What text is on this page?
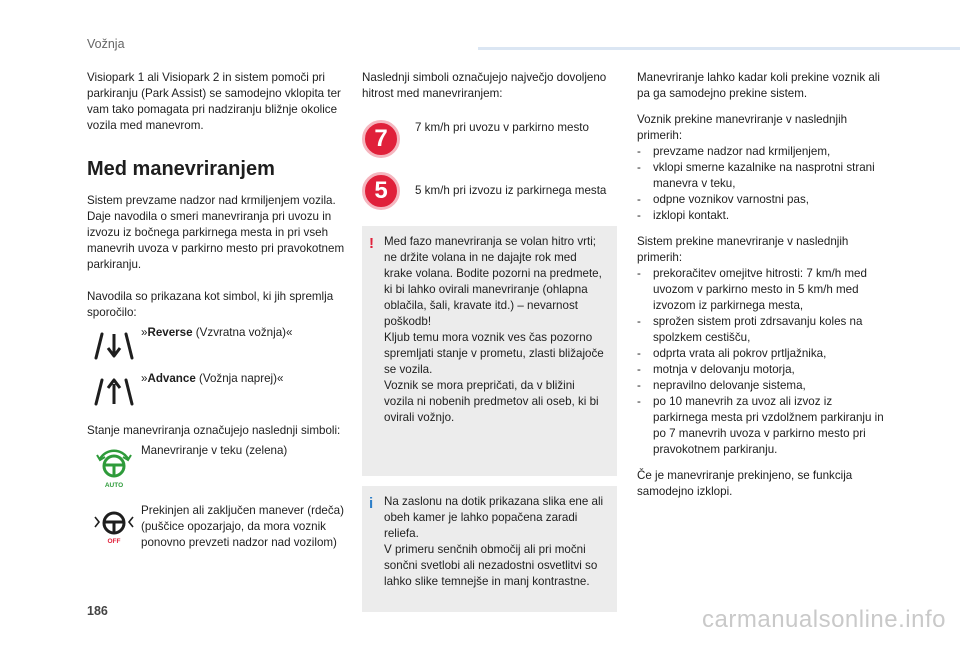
Vožnja

Visiopark 1 ali Visiopark 2 in sistem pomoči pri parkiranju (Park Assist) se samodejno vklopita ter vam tako pomagata pri nadziranju bližnje okolice vozila med manevrom.

Med manevriranjem

Sistem prevzame nadzor nad krmiljenjem vozila. Daje navodila o smeri manevriranja pri uvozu in izvozu iz bočnega parkirnega mesta in pri vseh manevrih uvoza v parkirno mesto pri pravokotnem parkiranju.

Navodila so prikazana kot simbol, ki jih spremlja sporočilo:

»Reverse (Vzvratna vožnja)«
»Advance (Vožnja naprej)«

Stanje manevriranja označujejo naslednji simboli:

AUTO
Manevriranje v teku (zelena)
OFF
Prekinjen ali zaključen manever (rdeča) (puščice opozarjajo, da mora voznik ponovno prevzeti nadzor nad vozilom)

Naslednji simboli označujejo največjo dovoljeno hitrost med manevriranjem:

7	7 km/h pri uvozu v parkirno mesto
5	5 km/h pri izvozu iz parkirnega mesta
! Med fazo manevriranja se volan hitro vrti; ne držite volana in ne dajajte rok med krake volana. Bodite pozorni na predmete, ki bi lahko ovirali manevriranje (ohlapna oblačila, šali, kravate itd.) – nevarnost poškodb!

Kljub temu mora voznik ves čas pozorno spremljati stanje v prometu, zlasti bližajoče se vozila.

Voznik se mora prepričati, da v bližini vozila ni nobenih predmetov ali oseb, ki bi ovirali vožnjo.

i Na zaslonu na dotik prikazana slika ene ali obeh kamer je lahko popačena zaradi reliefa.

V primeru senčnih območij ali pri močni sončni svetlobi ali nezadostni osvetlitvi so lahko slike temnejše in manj kontrastne.

Manevriranje lahko kadar koli prekine voznik ali pa ga samodejno prekine sistem.

Voznik prekine manevriranje v naslednjih primerih:

- prevzame nadzor nad krmiljenjem,
- vklopi smerne kazalnike na nasprotni strani manevra v teku,
- odpne voznikov varnostni pas,
- izklopi kontakt.

Sistem prekine manevriranje v naslednjih primerih:

- prekoračitev omejitve hitrosti: 7 km/h med uvozom v parkirno mesto in 5 km/h med izvozom iz parkirnega mesta,
- sprožen sistem proti zdrsavanju koles na spolzkem cestišču,
- odprta vrata ali pokrov prtljažnika,
- motnja v delovanju motorja,
- nepravilno delovanje sistema,
- po 10 manevrih za uvoz ali izvoz iz parkirnega mesta pri vzdolžnem parkiranju in po 7 manevrih uvoza v parkirno mesto pri pravokotnem parkiranju.

Če je manevriranje prekinjeno, se funkcija samodejno izklopi.

186	carmanualsonline.info
